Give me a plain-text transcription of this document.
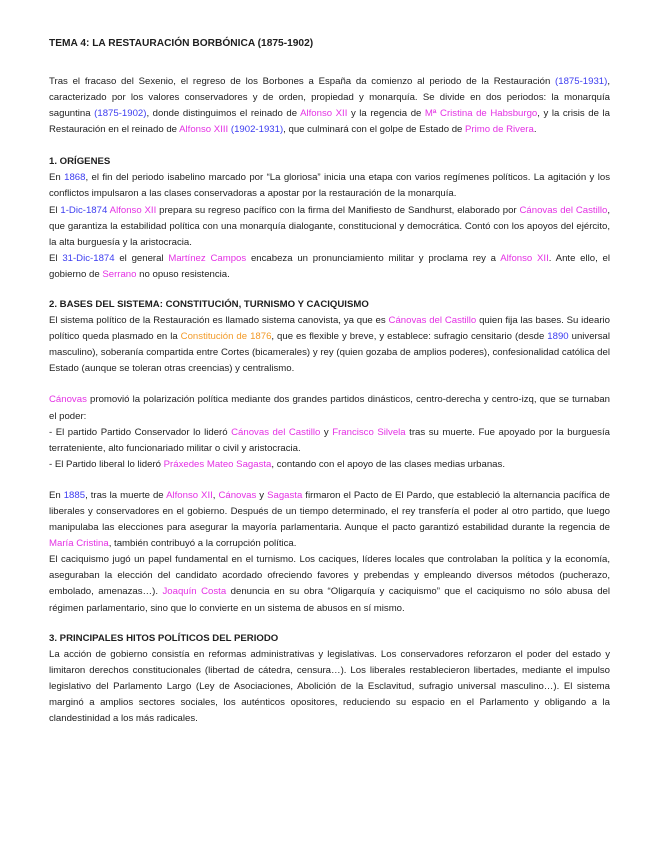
TEMA 4: LA RESTAURACIÓN BORBÓNICA (1875-1902)

Tras el fracaso del Sexenio, el regreso de los Borbones a España da comienzo al periodo de la Restauración (1875-1931), caracterizado por los valores conservadores y de orden, propiedad y monarquía. Se divide en dos periodos: la monarquía saguntina (1875-1902), donde distinguimos el reinado de Alfonso XII y la regencia de Mª Cristina de Habsburgo, y la crisis de la Restauración en el reinado de Alfonso XIII (1902-1931), que culminará con el golpe de Estado de Primo de Rivera.

1. ORÍGENES

En 1868, el fin del periodo isabelino marcado por “La gloriosa” inicia una etapa con varios regímenes políticos. La agitación y los conflictos impulsaron a las clases conservadoras a apostar por la restauración de la monarquía.

El 1-Dic-1874 Alfonso XII prepara su regreso pacífico con la firma del Manifiesto de Sandhurst, elaborado por Cánovas del Castillo, que garantiza la estabilidad política con una monarquía dialogante, constitucional y democrática. Contó con los apoyos del ejército, la alta burguesía y la aristocracia.

El 31-Dic-1874 el general Martínez Campos encabeza un pronunciamiento militar y proclama rey a Alfonso XII. Ante ello, el gobierno de Serrano no opuso resistencia.

2. BASES DEL SISTEMA: CONSTITUCIÓN, TURNISMO Y CACIQUISMO

El sistema político de la Restauración es llamado sistema canovista, ya que es Cánovas del Castillo quien fija las bases. Su ideario político queda plasmado en la Constitución de 1876, que es flexible y breve, y establece: sufragio censitario (desde 1890 universal masculino), soberanía compartida entre Cortes (bicamerales) y rey (quien gozaba de amplios poderes), confesionalidad católica del Estado (aunque se toleran otras creencias) y centralismo.

Cánovas promovió la polarización política mediante dos grandes partidos dinásticos, centro-derecha y centro-izq, que se turnaban el poder:

- El partido Partido Conservador lo lideró Cánovas del Castillo y Francisco Silvela tras su muerte. Fue apoyado por la burguesía terrateniente, alto funcionariado militar o civil y aristocracia.

- El Partido liberal lo lideró Práxedes Mateo Sagasta, contando con el apoyo de las clases medias urbanas.

En 1885, tras la muerte de Alfonso XII, Cánovas y Sagasta firmaron el Pacto de El Pardo, que estableció la alternancia pacífica de liberales y conservadores en el gobierno. Después de un tiempo determinado, el rey transfería el poder al otro partido, que luego manipulaba las elecciones para asegurar la mayoría parlamentaria. Aunque el pacto garantizó estabilidad durante la regencia de María Cristina, también contribuyó a la corrupción política.

El caciquismo jugó un papel fundamental en el turnismo. Los caciques, líderes locales que controlaban la política y la economía, aseguraban la elección del candidato acordado ofreciendo favores y prebendas y empleando diversos métodos (pucherazo, embolado, amenazas…). Joaquín Costa denuncia en su obra “Oligarquía y caciquismo” que el caciquismo no sólo abusa del régimen parlamentario, sino que lo convierte en un sistema de abusos en sí mismo.

3. PRINCIPALES HITOS POLÍTICOS DEL PERIODO

La acción de gobierno consistía en reformas administrativas y legislativas. Los conservadores reforzaron el poder del estado y limitaron derechos constitucionales (libertad de cátedra, censura…). Los liberales restablecieron libertades, mediante el impulso legislativo del Parlamento Largo (Ley de Asociaciones, Abolición de la Esclavitud, sufragio universal masculino…). El sistema marginó a amplios sectores sociales, los auténticos opositores, reduciendo su espacio en el Parlamento y obligando a la clandestinidad a los más radicales.
